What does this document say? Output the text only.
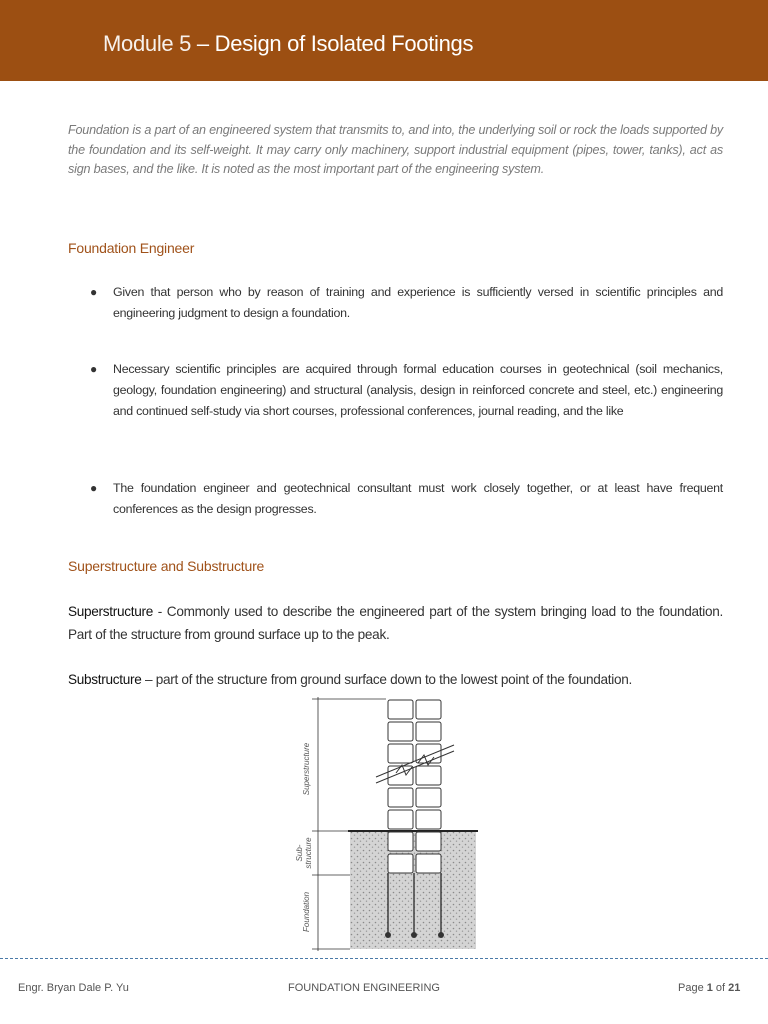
Module 5 – Design of Isolated Footings
Foundation is a part of an engineered system that transmits to, and into, the underlying soil or rock the loads supported by the foundation and its self-weight. It may carry only machinery, support industrial equipment (pipes, tower, tanks), act as sign bases, and the like. It is noted as the most important part of the engineering system.
Foundation Engineer
● Given that person who by reason of training and experience is sufficiently versed in scientific principles and engineering judgment to design a foundation.
● Necessary scientific principles are acquired through formal education courses in geotechnical (soil mechanics, geology, foundation engineering) and structural (analysis, design in reinforced concrete and steel, etc.) engineering and continued self-study via short courses, professional conferences, journal reading, and the like
● The foundation engineer and geotechnical consultant must work closely together, or at least have frequent conferences as the design progresses.
Superstructure and Substructure
Superstructure - Commonly used to describe the engineered part of the system bringing load to the foundation. Part of the structure from ground surface up to the peak.
Substructure – part of the structure from ground surface down to the lowest point of the foundation.
Superstructure
Sub- structure
Foundation
Engr. Bryan Dale P. Yu	FOUNDATION ENGINEERING	Page 1 of 21
